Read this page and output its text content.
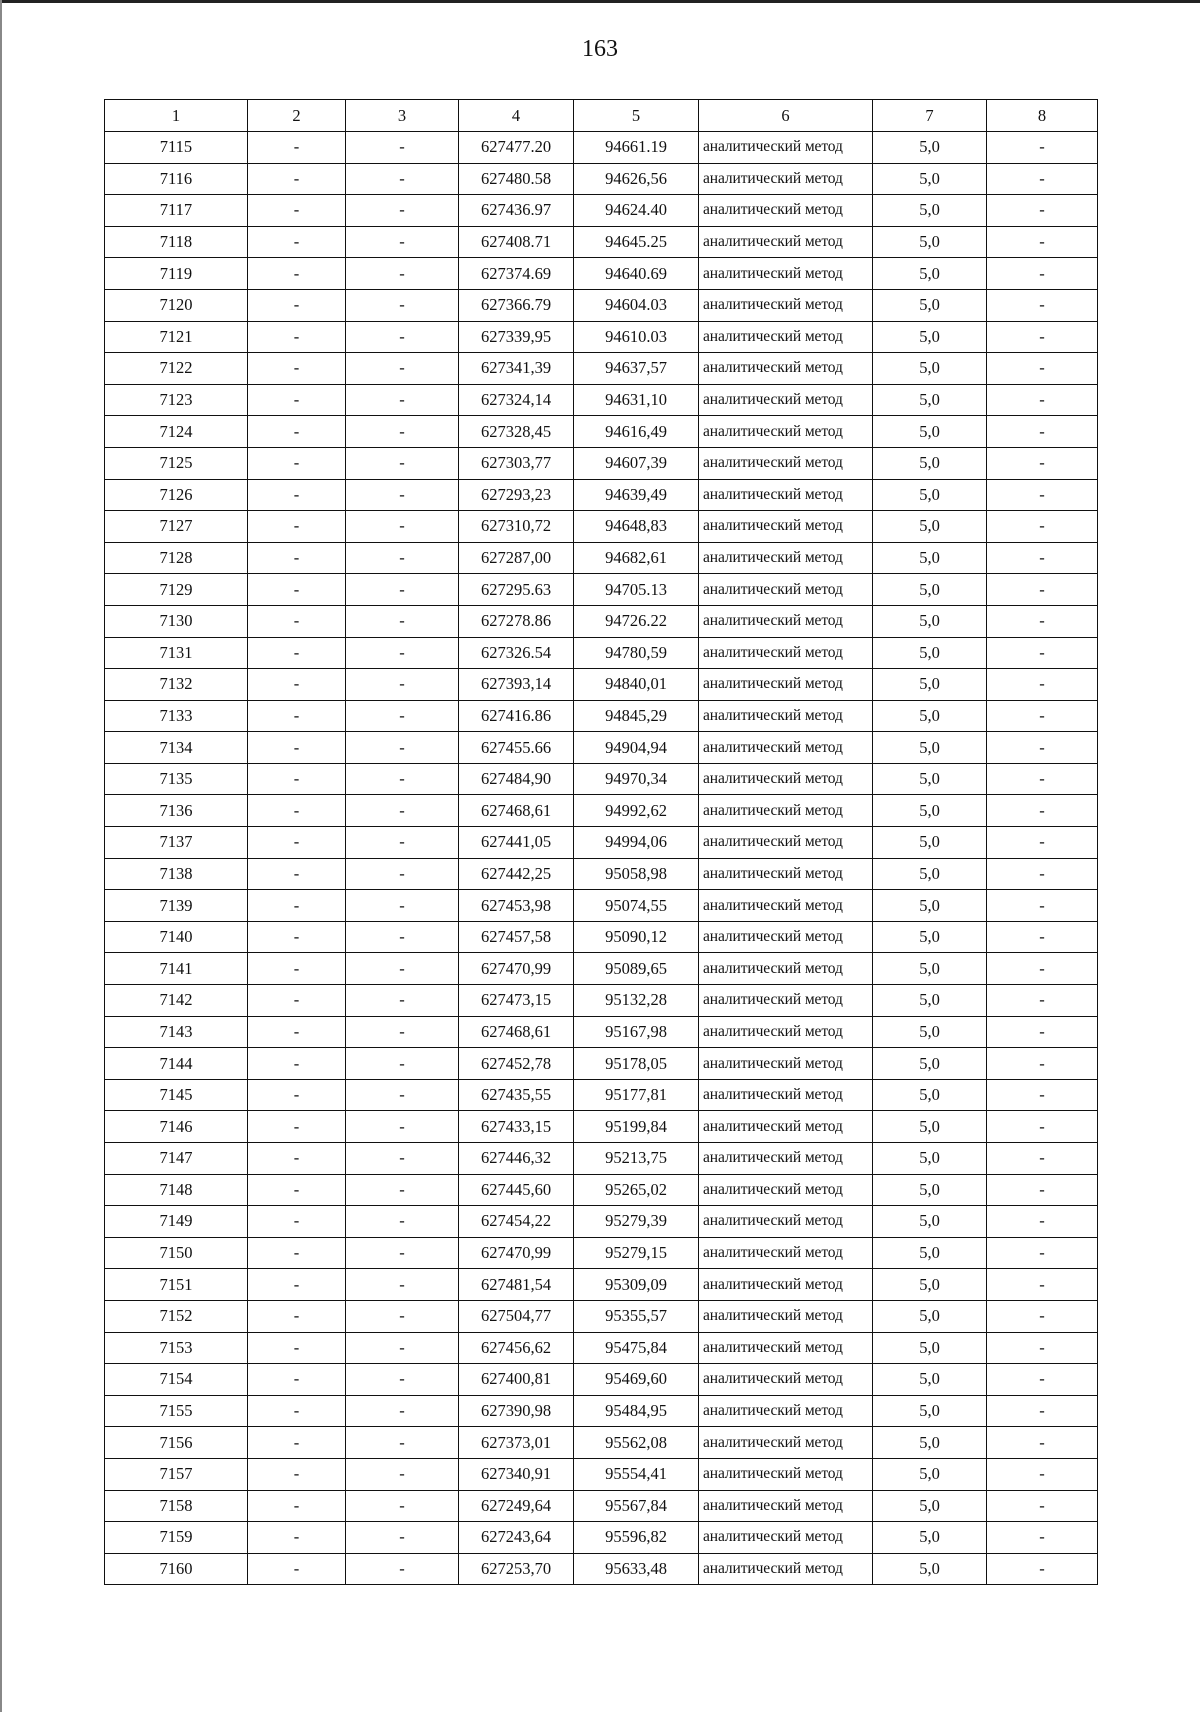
163
1	2	3	4	5	6	7	8
7115	-	-	627477.20	94661.19	аналитический метод	5,0	-
7116	-	-	627480.58	94626,56	аналитический метод	5,0	-
7117	-	-	627436.97	94624.40	аналитический метод	5,0	-
7118	-	-	627408.71	94645.25	аналитический метод	5,0	-
7119	-	-	627374.69	94640.69	аналитический метод	5,0	-
7120	-	-	627366.79	94604.03	аналитический метод	5,0	-
7121	-	-	627339,95	94610.03	аналитический метод	5,0	-
7122	-	-	627341,39	94637,57	аналитический метод	5,0	-
7123	-	-	627324,14	94631,10	аналитический метод	5,0	-
7124	-	-	627328,45	94616,49	аналитический метод	5,0	-
7125	-	-	627303,77	94607,39	аналитический метод	5,0	-
7126	-	-	627293,23	94639,49	аналитический метод	5,0	-
7127	-	-	627310,72	94648,83	аналитический метод	5,0	-
7128	-	-	627287,00	94682,61	аналитический метод	5,0	-
7129	-	-	627295.63	94705.13	аналитический метод	5,0	-
7130	-	-	627278.86	94726.22	аналитический метод	5,0	-
7131	-	-	627326.54	94780,59	аналитический метод	5,0	-
7132	-	-	627393,14	94840,01	аналитический метод	5,0	-
7133	-	-	627416.86	94845,29	аналитический метод	5,0	-
7134	-	-	627455.66	94904,94	аналитический метод	5,0	-
7135	-	-	627484,90	94970,34	аналитический метод	5,0	-
7136	-	-	627468,61	94992,62	аналитический метод	5,0	-
7137	-	-	627441,05	94994,06	аналитический метод	5,0	-
7138	-	-	627442,25	95058,98	аналитический метод	5,0	-
7139	-	-	627453,98	95074,55	аналитический метод	5,0	-
7140	-	-	627457,58	95090,12	аналитический метод	5,0	-
7141	-	-	627470,99	95089,65	аналитический метод	5,0	-
7142	-	-	627473,15	95132,28	аналитический метод	5,0	-
7143	-	-	627468,61	95167,98	аналитический метод	5,0	-
7144	-	-	627452,78	95178,05	аналитический метод	5,0	-
7145	-	-	627435,55	95177,81	аналитический метод	5,0	-
7146	-	-	627433,15	95199,84	аналитический метод	5,0	-
7147	-	-	627446,32	95213,75	аналитический метод	5,0	-
7148	-	-	627445,60	95265,02	аналитический метод	5,0	-
7149	-	-	627454,22	95279,39	аналитический метод	5,0	-
7150	-	-	627470,99	95279,15	аналитический метод	5,0	-
7151	-	-	627481,54	95309,09	аналитический метод	5,0	-
7152	-	-	627504,77	95355,57	аналитический метод	5,0	-
7153	-	-	627456,62	95475,84	аналитический метод	5,0	-
7154	-	-	627400,81	95469,60	аналитический метод	5,0	-
7155	-	-	627390,98	95484,95	аналитический метод	5,0	-
7156	-	-	627373,01	95562,08	аналитический метод	5,0	-
7157	-	-	627340,91	95554,41	аналитический метод	5,0	-
7158	-	-	627249,64	95567,84	аналитический метод	5,0	-
7159	-	-	627243,64	95596,82	аналитический метод	5,0	-
7160	-	-	627253,70	95633,48	аналитический метод	5,0	-
